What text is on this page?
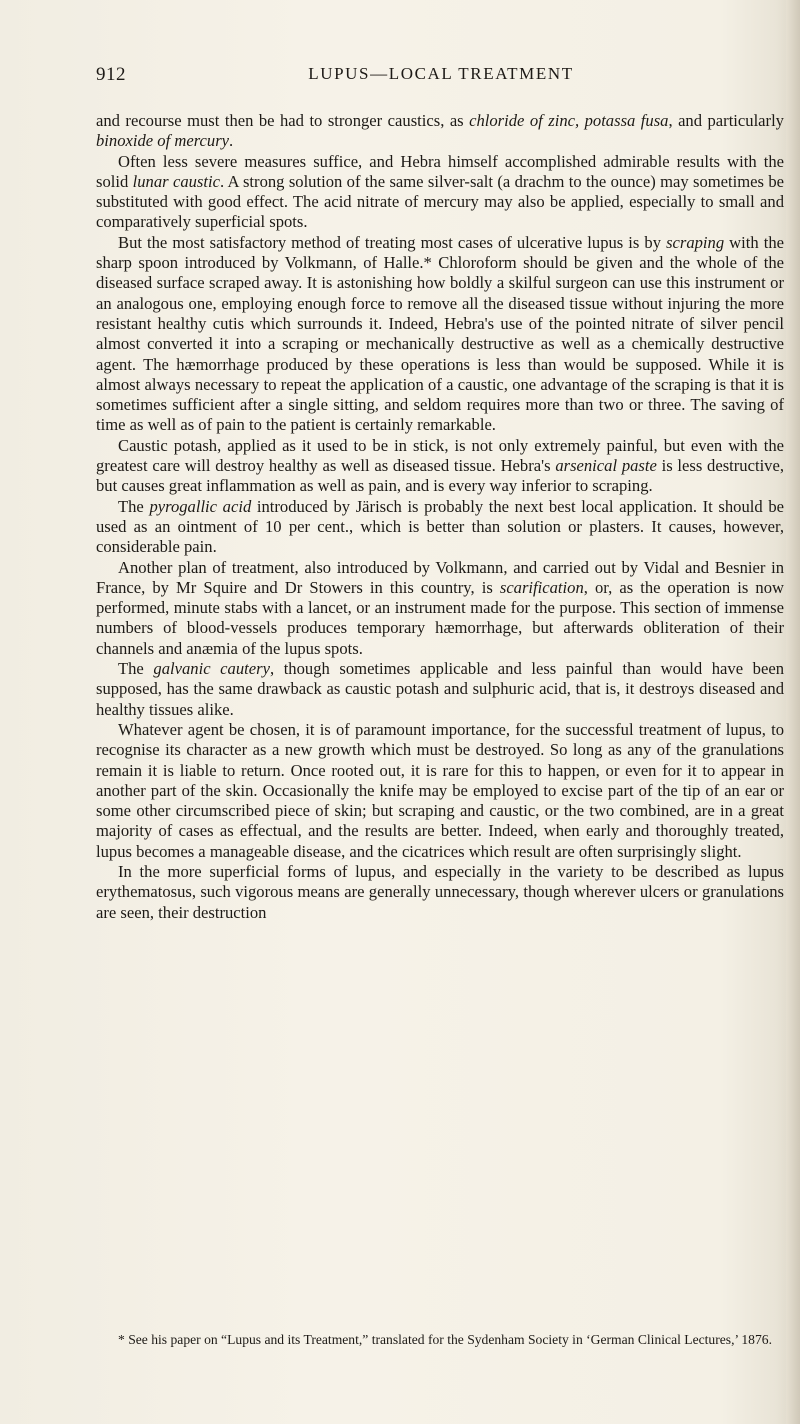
912	LUPUS—LOCAL TREATMENT

and recourse must then be had to stronger caustics, as chloride of zinc, potassa fusa, and particularly binoxide of mercury.

Often less severe measures suffice, and Hebra himself accomplished admirable results with the solid lunar caustic. A strong solution of the same silver-salt (a drachm to the ounce) may sometimes be substituted with good effect. The acid nitrate of mercury may also be applied, especially to small and comparatively superficial spots.

But the most satisfactory method of treating most cases of ulcerative lupus is by scraping with the sharp spoon introduced by Volkmann, of Halle.* Chloroform should be given and the whole of the diseased surface scraped away. It is astonishing how boldly a skilful surgeon can use this instrument or an analogous one, employing enough force to remove all the diseased tissue without injuring the more resistant healthy cutis which surrounds it. Indeed, Hebra's use of the pointed nitrate of silver pencil almost converted it into a scraping or mechanically destructive as well as a chemically destructive agent. The hæmorrhage produced by these operations is less than would be supposed. While it is almost always necessary to repeat the application of a caustic, one advantage of the scraping is that it is sometimes sufficient after a single sitting, and seldom requires more than two or three. The saving of time as well as of pain to the patient is certainly remarkable.

Caustic potash, applied as it used to be in stick, is not only extremely painful, but even with the greatest care will destroy healthy as well as diseased tissue. Hebra's arsenical paste is less destructive, but causes great inflammation as well as pain, and is every way inferior to scraping.

The pyrogallic acid introduced by Järisch is probably the next best local application. It should be used as an ointment of 10 per cent., which is better than solution or plasters. It causes, however, considerable pain.

Another plan of treatment, also introduced by Volkmann, and carried out by Vidal and Besnier in France, by Mr Squire and Dr Stowers in this country, is scarification, or, as the operation is now performed, minute stabs with a lancet, or an instrument made for the purpose. This section of immense numbers of blood-vessels produces temporary hæmorrhage, but afterwards obliteration of their channels and anæmia of the lupus spots.

The galvanic cautery, though sometimes applicable and less painful than would have been supposed, has the same drawback as caustic potash and sulphuric acid, that is, it destroys diseased and healthy tissues alike.

Whatever agent be chosen, it is of paramount importance, for the successful treatment of lupus, to recognise its character as a new growth which must be destroyed. So long as any of the granulations remain it is liable to return. Once rooted out, it is rare for this to happen, or even for it to appear in another part of the skin. Occasionally the knife may be employed to excise part of the tip of an ear or some other circumscribed piece of skin; but scraping and caustic, or the two combined, are in a great majority of cases as effectual, and the results are better. Indeed, when early and thoroughly treated, lupus becomes a manageable disease, and the cicatrices which result are often surprisingly slight.

In the more superficial forms of lupus, and especially in the variety to be described as lupus erythematosus, such vigorous means are generally unnecessary, though wherever ulcers or granulations are seen, their destruction

* See his paper on “Lupus and its Treatment,” translated for the Sydenham Society in ‘German Clinical Lectures,’ 1876.
